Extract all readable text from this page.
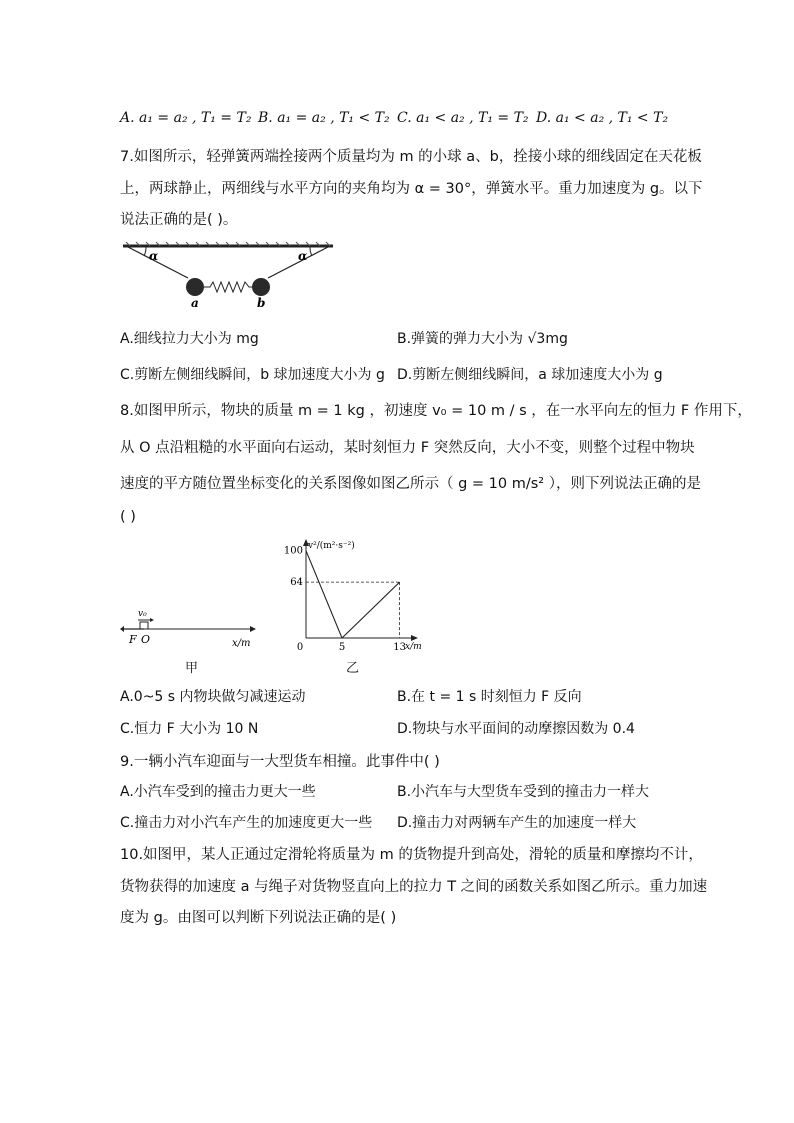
A. a₁ = a₂ , T₁ = T₂ B. a₁ = a₂ , T₁ < T₂ C. a₁ < a₂ , T₁ = T₂ D. a₁ < a₂ , T₁ < T₂
7.如图所示，轻弹簧两端拴接两个质量均为 m 的小球 a、b，拴接小球的细线固定在天花板
上，两球静止，两细线与水平方向的夹角均为 α = 30°，弹簧水平。重力加速度为 g。以下
说法正确的是( )。
α	α
a	b
A.细线拉力大小为 mg	B.弹簧的弹力大小为 √3mg
C.剪断左侧细线瞬间，b 球加速度大小为 g D.剪断左侧细线瞬间，a 球加速度大小为 g
8.如图甲所示，物块的质量 m = 1 kg ，初速度 v₀ = 10 m / s ，在一水平向左的恒力 F 作用下，
从 O 点沿粗糙的水平面向右运动，某时刻恒力 F 突然反向，大小不变，则整个过程中物块
速度的平方随位置坐标变化的关系图像如图乙所示（ g = 10 m/s² ），则下列说法正确的是
( )
v₀
F O	x/m
甲
v²/(m²·s⁻²)
x/m
100
64
0	5	13
乙
A.0~5 s 内物块做匀减速运动	B.在 t = 1 s 时刻恒力 F 反向
C.恒力 F 大小为 10 N	D.物块与水平面间的动摩擦因数为 0.4
9.一辆小汽车迎面与一大型货车相撞。此事件中( )
A.小汽车受到的撞击力更大一些	B.小汽车与大型货车受到的撞击力一样大
C.撞击力对小汽车产生的加速度更大一些 D.撞击力对两辆车产生的加速度一样大
10.如图甲，某人正通过定滑轮将质量为 m 的货物提升到高处，滑轮的质量和摩擦均不计，
货物获得的加速度 a 与绳子对货物竖直向上的拉力 T 之间的函数关系如图乙所示。重力加速
度为 g。由图可以判断下列说法正确的是( )
